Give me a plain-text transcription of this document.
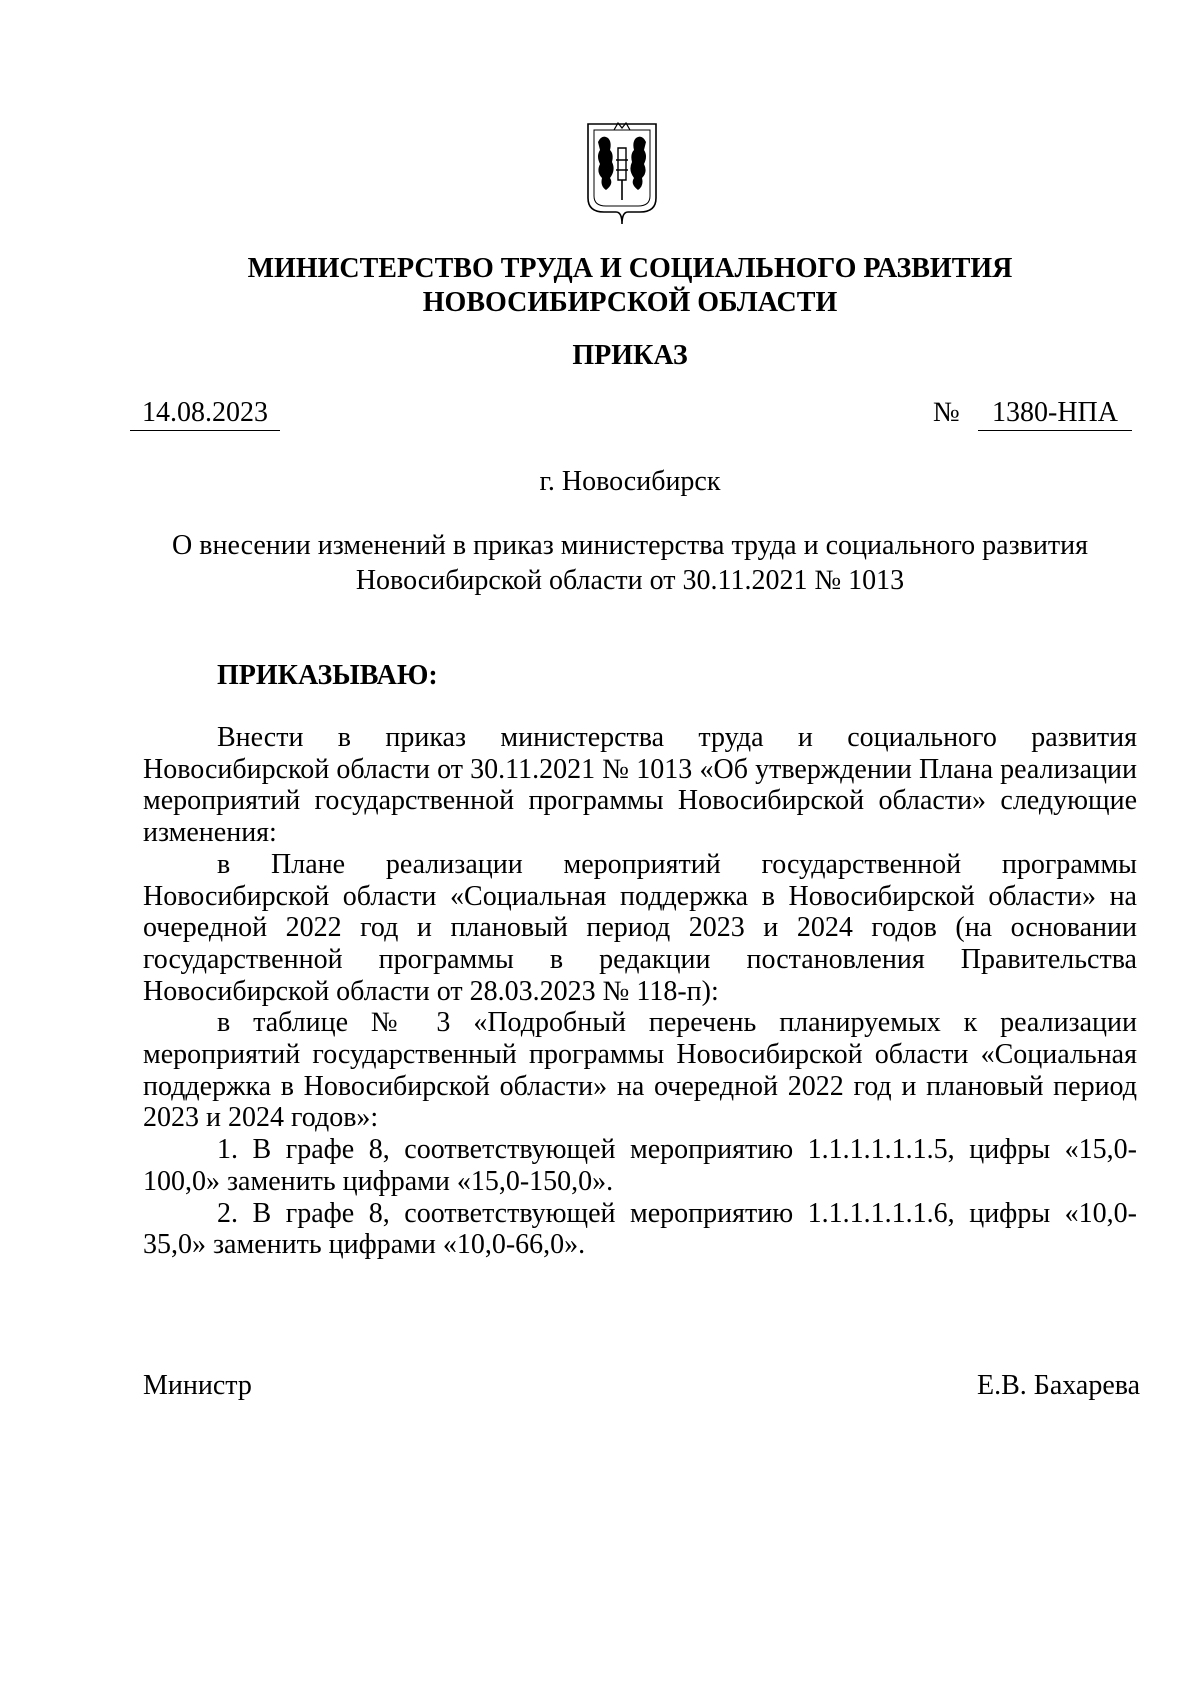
МИНИСТЕРСТВО ТРУДА И СОЦИАЛЬНОГО РАЗВИТИЯ
НОВОСИБИРСКОЙ ОБЛАСТИ
ПРИКАЗ
14.08.2023	№	1380-НПА
г. Новосибирск
О внесении изменений в приказ министерства труда и социального развития
Новосибирской области от 30.11.2021 № 1013
ПРИКАЗЫВАЮ:

Внести в приказ министерства труда и социального развития Новосибирской области от 30.11.2021 № 1013 «Об утверждении Плана реализации мероприятий государственной программы Новосибирской области» следующие изменения:

в Плане реализации мероприятий государственной программы Новосибирской области «Социальная поддержка в Новосибирской области» на очередной 2022 год и плановый период 2023 и 2024 годов (на основании государственной программы в редакции постановления Правительства Новосибирской области от 28.03.2023 № 118-п):

в таблице № 3 «Подробный перечень планируемых к реализации мероприятий государственный программы Новосибирской области «Социальная поддержка в Новосибирской области» на очередной 2022 год и плановый период 2023 и 2024 годов»:

1. В графе 8, соответствующей мероприятию 1.1.1.1.1.1.5, цифры «15,0-100,0» заменить цифрами «15,0-150,0».

2. В графе 8, соответствующей мероприятию 1.1.1.1.1.1.6, цифры «10,0-35,0» заменить цифрами «10,0-66,0».

Министр	Е.В. Бахарева
